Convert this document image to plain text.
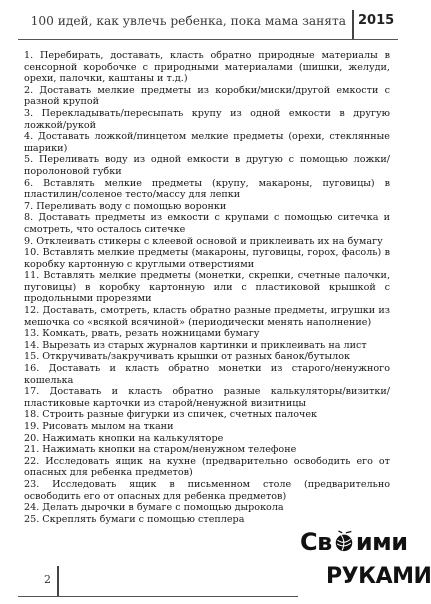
100 идей, как увлечь ребенка, пока мама занята 2015

1. Перебирать, доставать, класть обратно природные материалы в сенсорной коробочке с природными материалами (шишки, желуди, орехи, палочки, каштаны и т.д.)

2. Доставать мелкие предметы из коробки/миски/другой емкости с разной крупой

3. Перекладывать/пересыпать крупу из одной емкости в другую ложкой/рукой

4. Доставать ложкой/пинцетом мелкие предметы (орехи, стеклянные шарики)

5. Переливать воду из одной емкости в другую с помощью ложки/поролоновой губки

6. Вставлять мелкие предметы (крупу, макароны, пуговицы) в пластилин/соленое тесто/массу для лепки

7. Переливать воду с помощью воронки

8. Доставать предметы из емкости с крупами с помощью ситечка и смотреть, что осталось ситечке

9. Отклеивать стикеры с клеевой основой и приклеивать их на бумагу

10. Вставлять мелкие предметы (макароны, пуговицы, горох, фасоль) в коробку картонную с круглыми отверстиями

11. Вставлять мелкие предметы (монетки, скрепки, счетные палочки, пуговицы) в коробку картонную или с пластиковой крышкой с продольными прорезями

12. Доставать, смотреть, класть обратно разные предметы, игрушки из мешочка со «всякой всячиной» (периодически менять наполнение)

13. Комкать, рвать, резать ножницами бумагу

14. Вырезать из старых журналов картинки и приклеивать на лист

15. Откручивать/закручивать крышки от разных банок/бутылок

16. Доставать и класть обратно монетки из старого/ненужного кошелька

17. Доставать и класть обратно разные калькуляторы/визитки/пластиковые карточки из старой/ненужной визитницы

18. Строить разные фигурки из спичек, счетных палочек

19. Рисовать мылом на ткани

20. Нажимать кнопки на калькуляторе

21. Нажимать кнопки на старом/ненужном телефоне

22. Исследовать ящик на кухне (предварительно освободить его от опасных для ребенка предметов)

23. Исследовать ящик в письменном столе (предварительно освободить его от опасных для ребенка предметов)

24. Делать дырочки в бумаге с помощью дырокола

25. Скреплять бумаги с помощью степлера

2
Св ими
РУКАМИ
